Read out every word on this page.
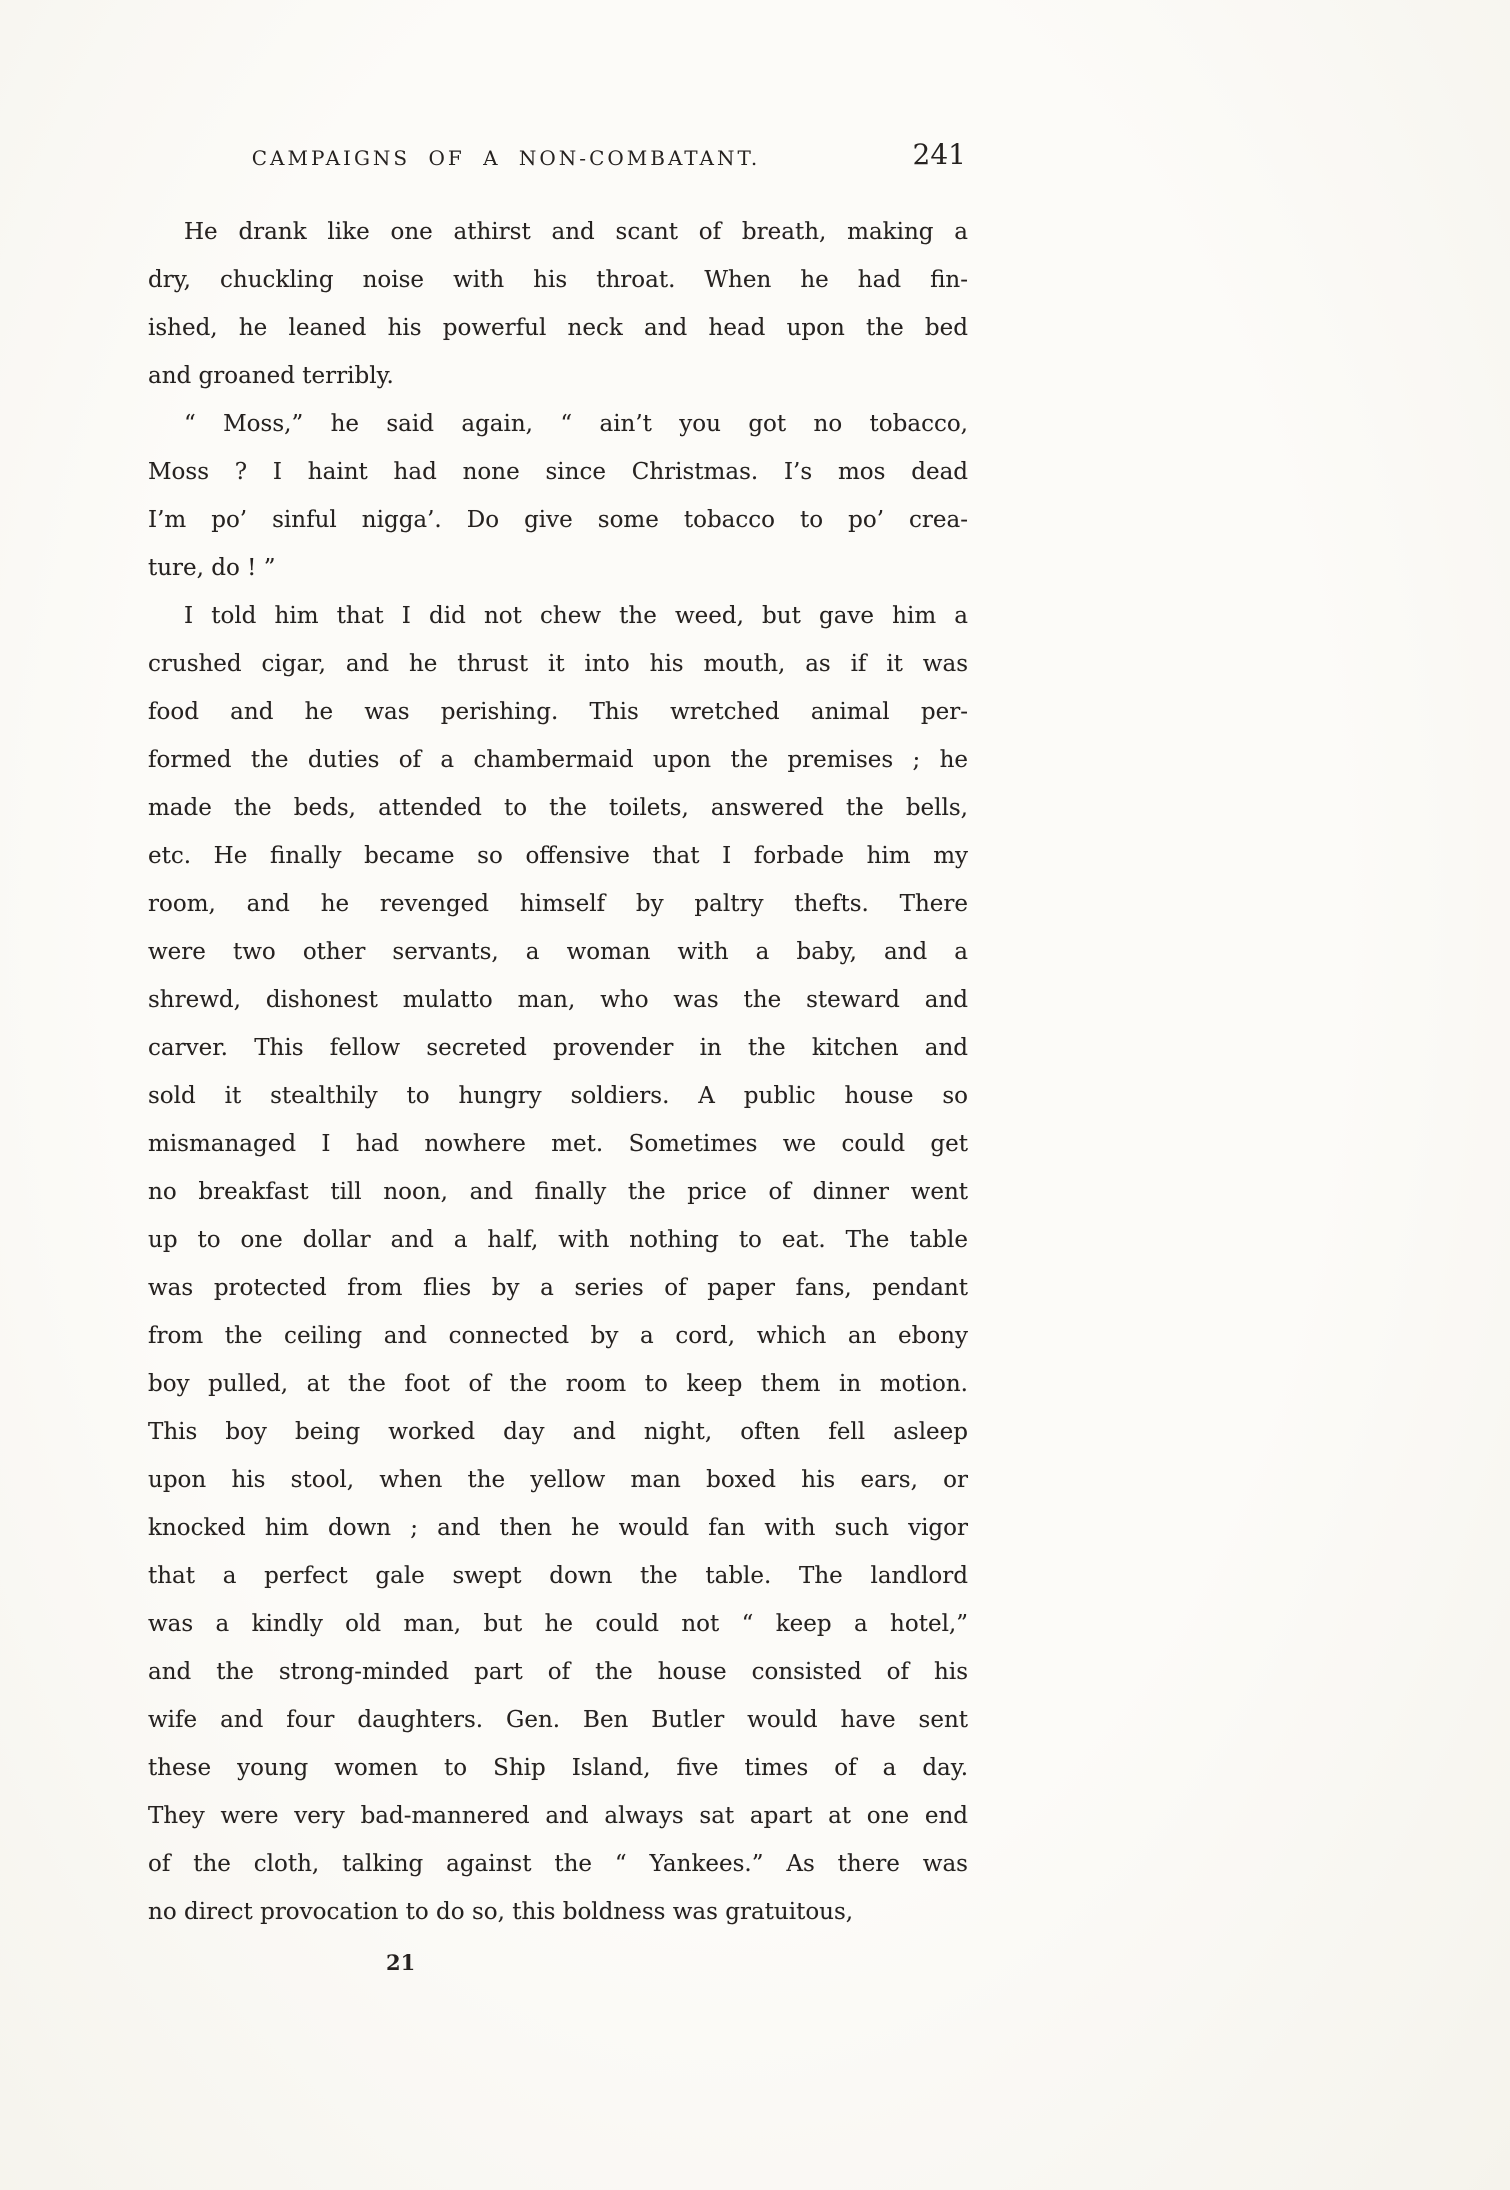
CAMPAIGNS OF A NON-COMBATANT.	241
He drank like one athirst and scant of breath, making a
dry, chuckling noise with his throat. When he had fin-
ished, he leaned his powerful neck and head upon the bed
and groaned terribly.
“ Moss,” he said again, “ ain’t you got no tobacco,
Moss ? I haint had none since Christmas. I’s mos dead
I’m po’ sinful nigga’. Do give some tobacco to po’ crea-
ture, do ! ”
I told him that I did not chew the weed, but gave him a
crushed cigar, and he thrust it into his mouth, as if it was
food and he was perishing. This wretched animal per-
formed the duties of a chambermaid upon the premises ; he
made the beds, attended to the toilets, answered the bells,
etc. He finally became so offensive that I forbade him my
room, and he revenged himself by paltry thefts. There
were two other servants, a woman with a baby, and a
shrewd, dishonest mulatto man, who was the steward and
carver. This fellow secreted provender in the kitchen and
sold it stealthily to hungry soldiers. A public house so
mismanaged I had nowhere met. Sometimes we could get
no breakfast till noon, and finally the price of dinner went
up to one dollar and a half, with nothing to eat. The table
was protected from flies by a series of paper fans, pendant
from the ceiling and connected by a cord, which an ebony
boy pulled, at the foot of the room to keep them in motion.
This boy being worked day and night, often fell asleep
upon his stool, when the yellow man boxed his ears, or
knocked him down ; and then he would fan with such vigor
that a perfect gale swept down the table. The landlord
was a kindly old man, but he could not “ keep a hotel,”
and the strong-minded part of the house consisted of his
wife and four daughters. Gen. Ben Butler would have sent
these young women to Ship Island, five times of a day.
They were very bad-mannered and always sat apart at one end
of the cloth, talking against the “ Yankees.” As there was
no direct provocation to do so, this boldness was gratuitous,
21
